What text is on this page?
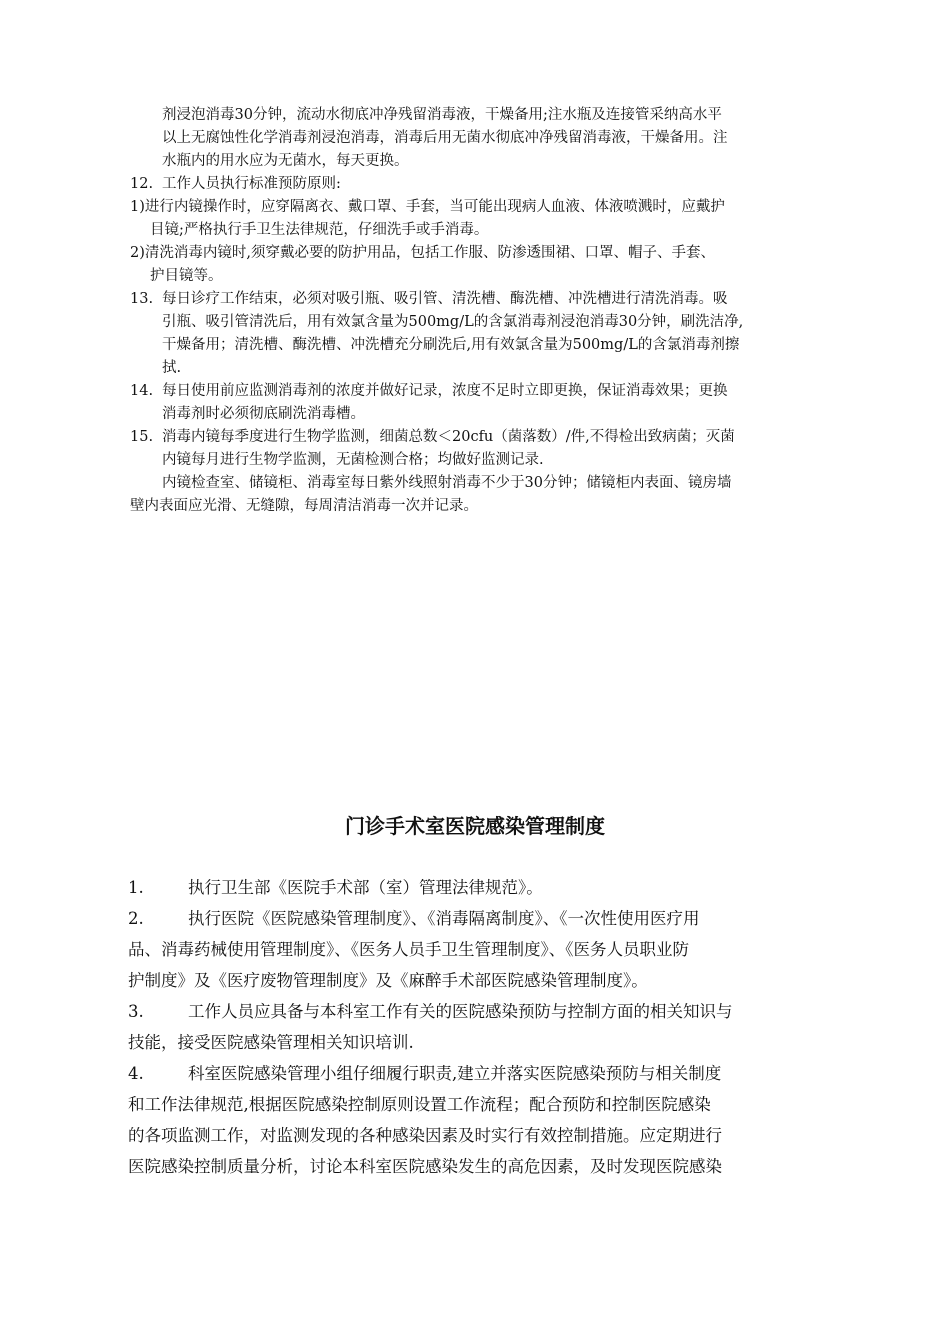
剂浸泡消毒30分钟，流动水彻底冲净残留消毒液，干燥备用;注水瓶及连接管采纳高水平
以上无腐蚀性化学消毒剂浸泡消毒，消毒后用无菌水彻底冲净残留消毒液，干燥备用。注
水瓶内的用水应为无菌水，每天更换。
12. 工作人员执行标准预防原则:
1)进行内镜操作时，应穿隔离衣、戴口罩、手套，当可能出现病人血液、体液喷溅时，应戴护
目镜;严格执行手卫生法律规范，仔细洗手或手消毒。
2)清洗消毒内镜时,须穿戴必要的防护用品，包括工作服、防渗透围裙、口罩、帽子、手套、
护目镜等。
13. 每日诊疗工作结束，必须对吸引瓶、吸引管、清洗槽、酶洗槽、冲洗槽进行清洗消毒。吸
引瓶、吸引管清洗后，用有效氯含量为500mg/L的含氯消毒剂浸泡消毒30分钟，刷洗洁净,
干燥备用；清洗槽、酶洗槽、冲洗槽充分刷洗后,用有效氯含量为500mg/L的含氯消毒剂擦
拭.
14. 每日使用前应监测消毒剂的浓度并做好记录，浓度不足时立即更换，保证消毒效果；更换
消毒剂时必须彻底刷洗消毒槽。
15. 消毒内镜每季度进行生物学监测，细菌总数＜20cfu（菌落数）/件,不得检出致病菌；灭菌
内镜每月进行生物学监测，无菌检测合格；均做好监测记录.
内镜检查室、储镜柜、消毒室每日紫外线照射消毒不少于30分钟；储镜柜内表面、镜房墙
壁内表面应光滑、无缝隙，每周清洁消毒一次并记录。
门诊手术室医院感染管理制度
1.	执行卫生部《医院手术部（室）管理法律规范》。
2.	执行医院《医院感染管理制度》、《消毒隔离制度》、《一次性使用医疗用
品、消毒药械使用管理制度》、《医务人员手卫生管理制度》、《医务人员职业防
护制度》及《医疗废物管理制度》及《麻醉手术部医院感染管理制度》。
3.	工作人员应具备与本科室工作有关的医院感染预防与控制方面的相关知识与
技能，接受医院感染管理相关知识培训.
4.	科室医院感染管理小组仔细履行职责,建立并落实医院感染预防与相关制度
和工作法律规范,根据医院感染控制原则设置工作流程；配合预防和控制医院感染
的各项监测工作，对监测发现的各种感染因素及时实行有效控制措施。应定期进行
医院感染控制质量分析，讨论本科室医院感染发生的高危因素，及时发现医院感染
